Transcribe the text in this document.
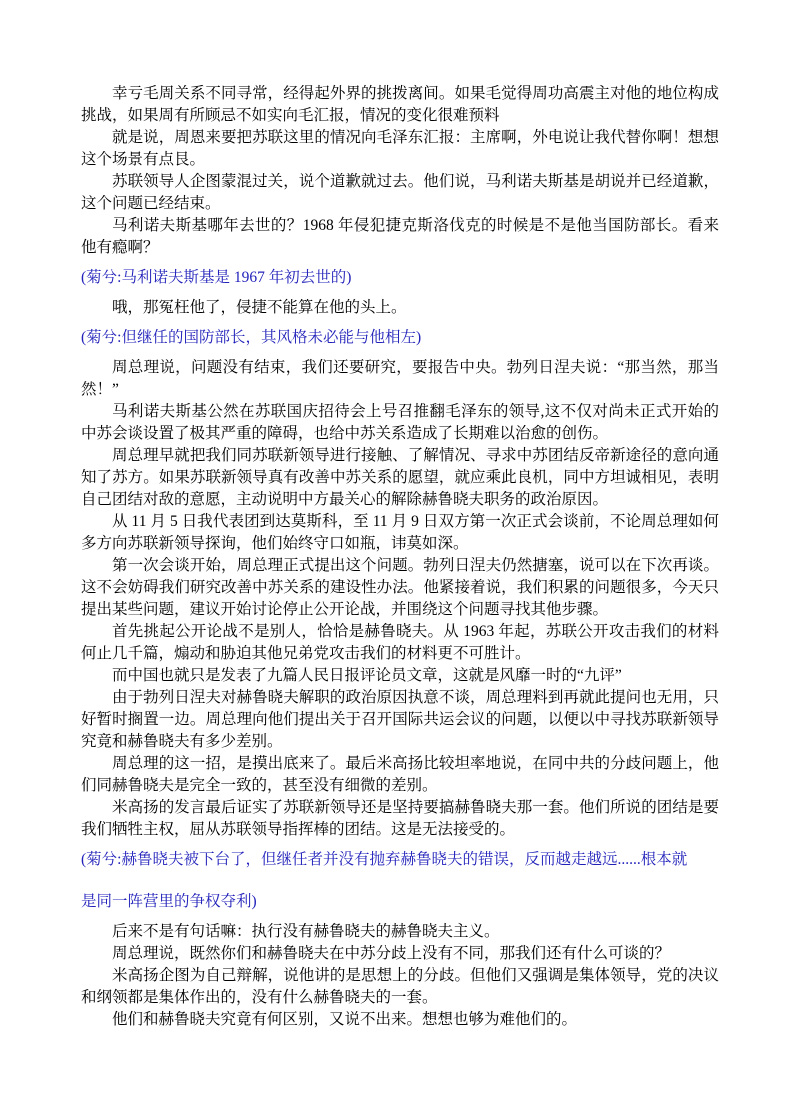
幸亏毛周关系不同寻常，经得起外界的挑拨离间。如果毛觉得周功高震主对他的地位构成挑战，如果周有所顾忌不如实向毛汇报，情况的变化很难预料
就是说，周恩来要把苏联这里的情况向毛泽东汇报：主席啊，外电说让我代替你啊！想想这个场景有点艮。
苏联领导人企图蒙混过关，说个道歉就过去。他们说，马利诺夫斯基是胡说并已经道歉，这个问题已经结束。
马利诺夫斯基哪年去世的？1968 年侵犯捷克斯洛伐克的时候是不是他当国防部长。看来他有瘾啊？
(菊兮:马利诺夫斯基是 1967 年初去世的)
哦，那冤枉他了，侵捷不能算在他的头上。
(菊兮:但继任的国防部长，其风格未必能与他相左)
周总理说，问题没有结束，我们还要研究，要报告中央。勃列日涅夫说：“那当然，那当然！”
马利诺夫斯基公然在苏联国庆招待会上号召推翻毛泽东的领导,这不仅对尚未正式开始的中苏会谈设置了极其严重的障碍，也给中苏关系造成了长期难以治愈的创伤。
周总理早就把我们同苏联新领导进行接触、了解情况、寻求中苏团结反帝新途径的意向通知了苏方。如果苏联新领导真有改善中苏关系的愿望，就应乘此良机，同中方坦诚相见，表明自己团结对敌的意愿，主动说明中方最关心的解除赫鲁晓夫职务的政治原因。
从 11 月 5 日我代表团到达莫斯科，至 11 月 9 日双方第一次正式会谈前，不论周总理如何多方向苏联新领导探询，他们始终守口如瓶，讳莫如深。
第一次会谈开始，周总理正式提出这个问题。勃列日涅夫仍然搪塞，说可以在下次再谈。这不会妨碍我们研究改善中苏关系的建设性办法。他紧接着说，我们积累的问题很多，今天只提出某些问题，建议开始讨论停止公开论战，并围绕这个问题寻找其他步骤。
首先挑起公开论战不是别人，恰恰是赫鲁晓夫。从 1963 年起，苏联公开攻击我们的材料何止几千篇，煽动和胁迫其他兄弟党攻击我们的材料更不可胜计。
而中国也就只是发表了九篇人民日报评论员文章，这就是风靡一时的“九评”
由于勃列日涅夫对赫鲁晓夫解职的政治原因执意不谈，周总理料到再就此提问也无用，只好暂时搁置一边。周总理向他们提出关于召开国际共运会议的问题，以便以中寻找苏联新领导究竟和赫鲁晓夫有多少差别。
周总理的这一招，是摸出底来了。最后米高扬比较坦率地说，在同中共的分歧问题上，他们同赫鲁晓夫是完全一致的，甚至没有细微的差别。
米高扬的发言最后证实了苏联新领导还是坚持要搞赫鲁晓夫那一套。他们所说的团结是要我们牺牲主权，屈从苏联领导指挥棒的团结。这是无法接受的。
(菊兮:赫鲁晓夫被下台了，但继任者并没有抛弃赫鲁晓夫的错误，反而越走越远......根本就
是同一阵营里的争权夺利)
后来不是有句话嘛：执行没有赫鲁晓夫的赫鲁晓夫主义。
周总理说，既然你们和赫鲁晓夫在中苏分歧上没有不同，那我们还有什么可谈的？
米高扬企图为自己辩解，说他讲的是思想上的分歧。但他们又强调是集体领导，党的决议和纲领都是集体作出的，没有什么赫鲁晓夫的一套。
他们和赫鲁晓夫究竟有何区别，又说不出来。想想也够为难他们的。
